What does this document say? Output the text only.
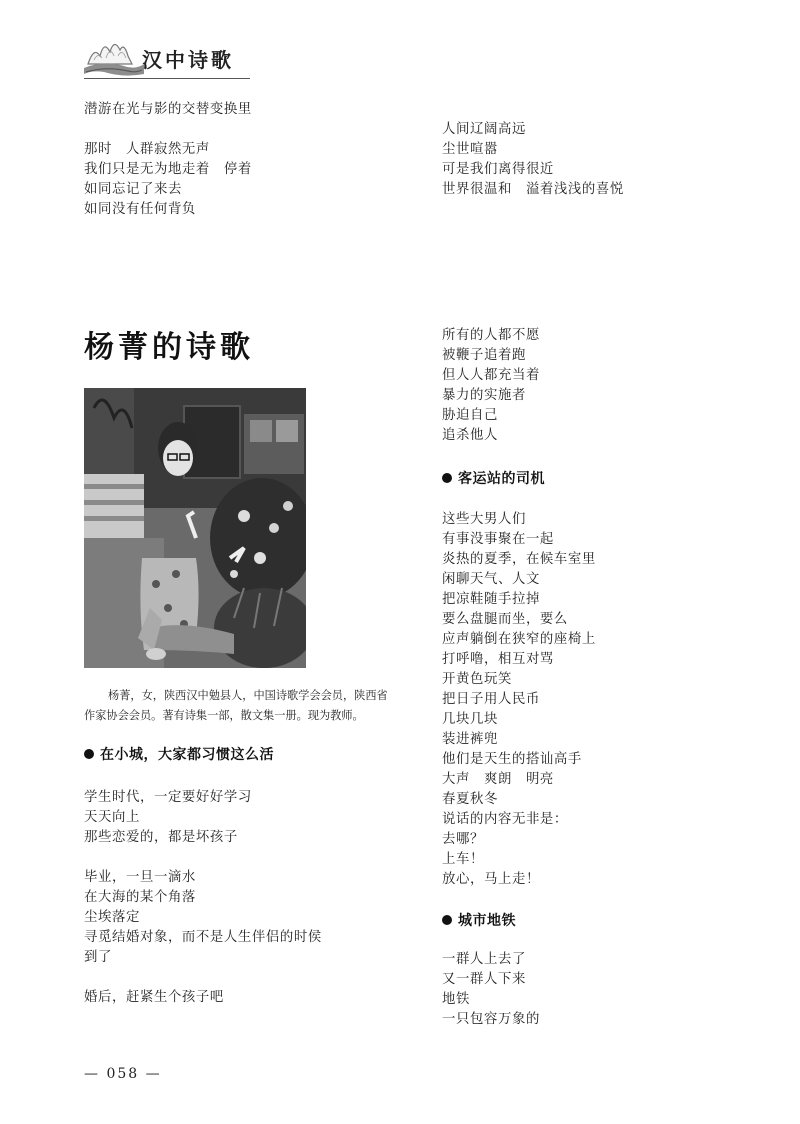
汉中诗歌
潜游在光与影的交替变换里
那时　人群寂然无声
我们只是无为地走着　停着
如同忘记了来去
如同没有任何背负
人间辽阔高远
尘世喧嚣
可是我们离得很近
世界很温和　溢着浅浅的喜悦
杨菁的诗歌
杨菁，女，陕西汉中勉县人，中国诗歌学会会员，陕西省
作家协会会员。著有诗集一部，散文集一册。现为教师。
在小城，大家都习惯这么活
学生时代，一定要好好学习
天天向上
那些恋爱的，都是坏孩子
毕业，一旦一滴水
在大海的某个角落
尘埃落定
寻觅结婚对象，而不是人生伴侣的时侯
到了
婚后，赶紧生个孩子吧
所有的人都不愿
被鞭子追着跑
但人人都充当着
暴力的实施者
胁迫自己
追杀他人
客运站的司机
这些大男人们
有事没事聚在一起
炎热的夏季，在候车室里
闲聊天气、人文
把凉鞋随手拉掉
要么盘腿而坐，要么
应声躺倒在狭窄的座椅上
打呼噜，相互对骂
开黄色玩笑
把日子用人民币
几块几块
装进裤兜
他们是天生的搭讪高手
大声　爽朗　明亮
春夏秋冬
说话的内容无非是：
去哪？
上车！
放心，马上走！
城市地铁
一群人上去了
又一群人下来
地铁
一只包容万象的
— 058 —
